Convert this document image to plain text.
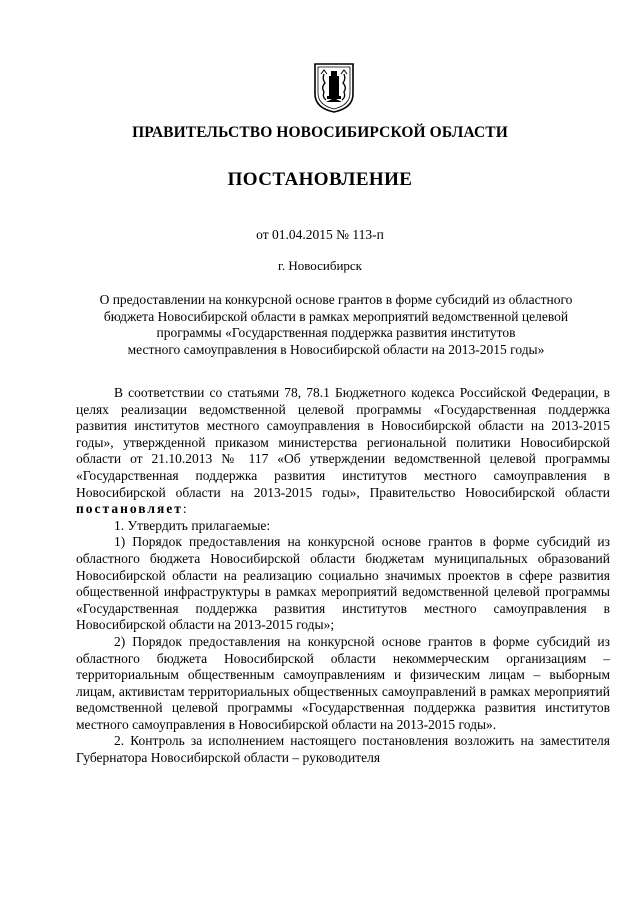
ПРАВИТЕЛЬСТВО НОВОСИБИРСКОЙ ОБЛАСТИ
ПОСТАНОВЛЕНИЕ
от 01.04.2015 № 113-п
г. Новосибирск
О предоставлении на конкурсной основе грантов в форме субсидий из областного
бюджета Новосибирской области в рамках мероприятий ведомственной целевой
программы «Государственная поддержка развития институтов
местного самоуправления в Новосибирской области на 2013-2015 годы»

В соответствии со статьями 78, 78.1 Бюджетного кодекса Российской Федерации, в целях реализации ведомственной целевой программы «Государственная поддержка развития институтов местного самоуправления в Новосибирской области на 2013-2015 годы», утвержденной приказом министерства региональной политики Новосибирской области от 21.10.2013 № 117 «Об утверждении ведомственной целевой программы «Государственная поддержка развития институтов местного самоуправления в Новосибирской области на 2013-2015 годы», Правительство Новосибирской области постановляет:

1. Утвердить прилагаемые:

1) Порядок предоставления на конкурсной основе грантов в форме субсидий из областного бюджета Новосибирской области бюджетам муниципальных образований Новосибирской области на реализацию социально значимых проектов в сфере развития общественной инфраструктуры в рамках мероприятий ведомственной целевой программы «Государственная поддержка развития институтов местного самоуправления в Новосибирской области на 2013-2015 годы»;

2) Порядок предоставления на конкурсной основе грантов в форме субсидий из областного бюджета Новосибирской области некоммерческим организациям – территориальным общественным самоуправлениям и физическим лицам – выборным лицам, активистам территориальных общественных самоуправлений в рамках мероприятий ведомственной целевой программы «Государственная поддержка развития институтов местного самоуправления в Новосибирской области на 2013-2015 годы».

2. Контроль за исполнением настоящего постановления возложить на заместителя Губернатора Новосибирской области – руководителя
